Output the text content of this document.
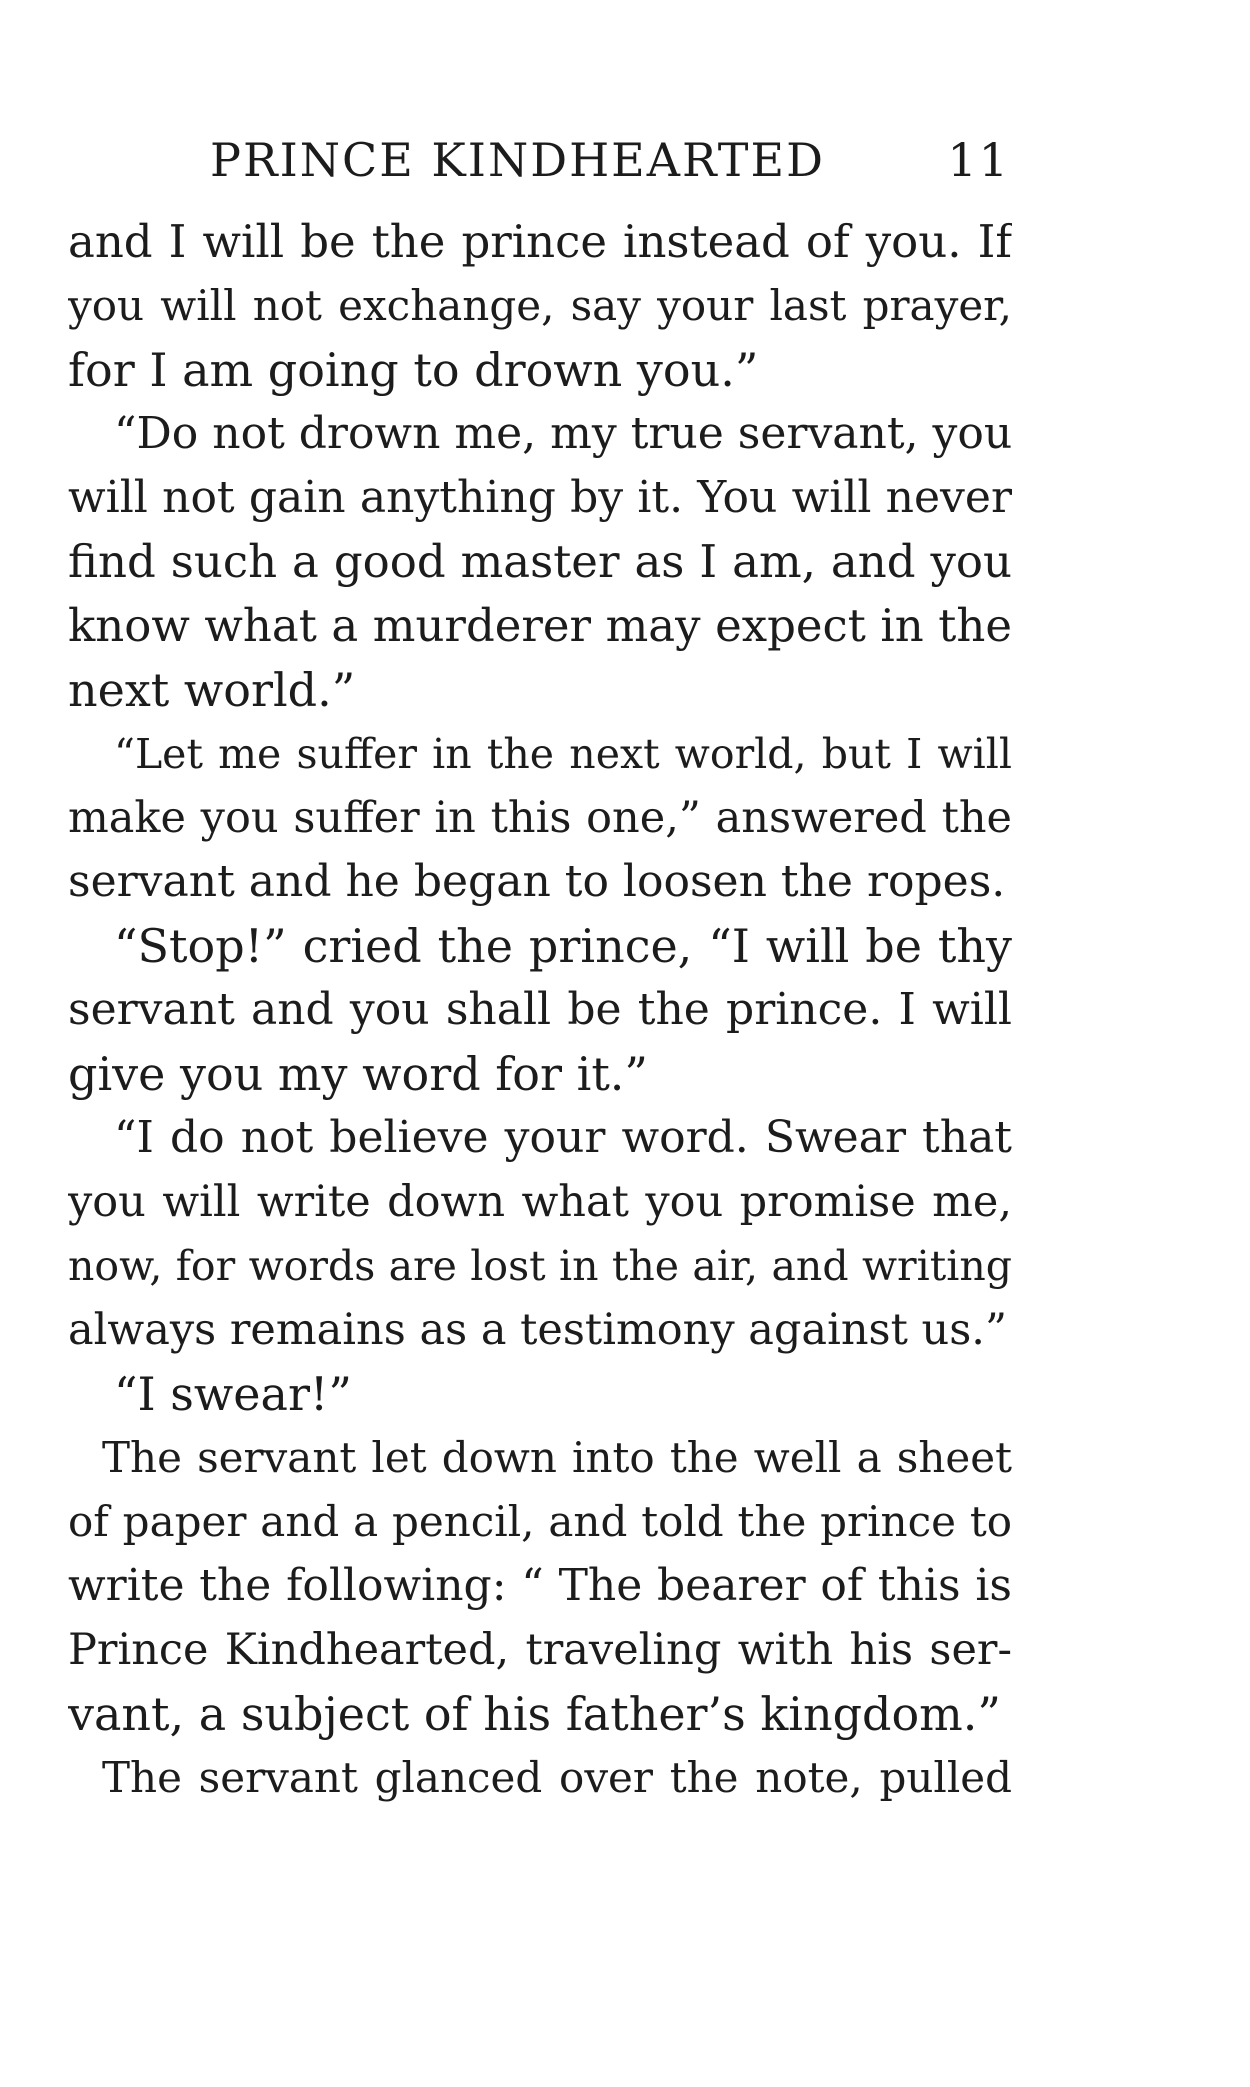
PRINCE KINDHEARTED	11
and I will be the prince instead of you. If
you will not exchange, say your last prayer,
for I am going to drown you.”
“Do not drown me, my true servant, you
will not gain anything by it. You will never
find such a good master as I am, and you
know what a murderer may expect in the
next world.”
“Let me suffer in the next world, but I will
make you suffer in this one,” answered the
servant and he began to loosen the ropes.
“Stop!” cried the prince, “I will be thy
servant and you shall be the prince. I will
give you my word for it.”
“I do not believe your word. Swear that
you will write down what you promise me,
now, for words are lost in the air, and writing
always remains as a testimony against us.”
“I swear!”
The servant let down into the well a sheet
of paper and a pencil, and told the prince to
write the following: “ The bearer of this is
Prince Kindhearted, traveling with his ser-
vant, a subject of his father’s kingdom.”
The servant glanced over the note, pulled
